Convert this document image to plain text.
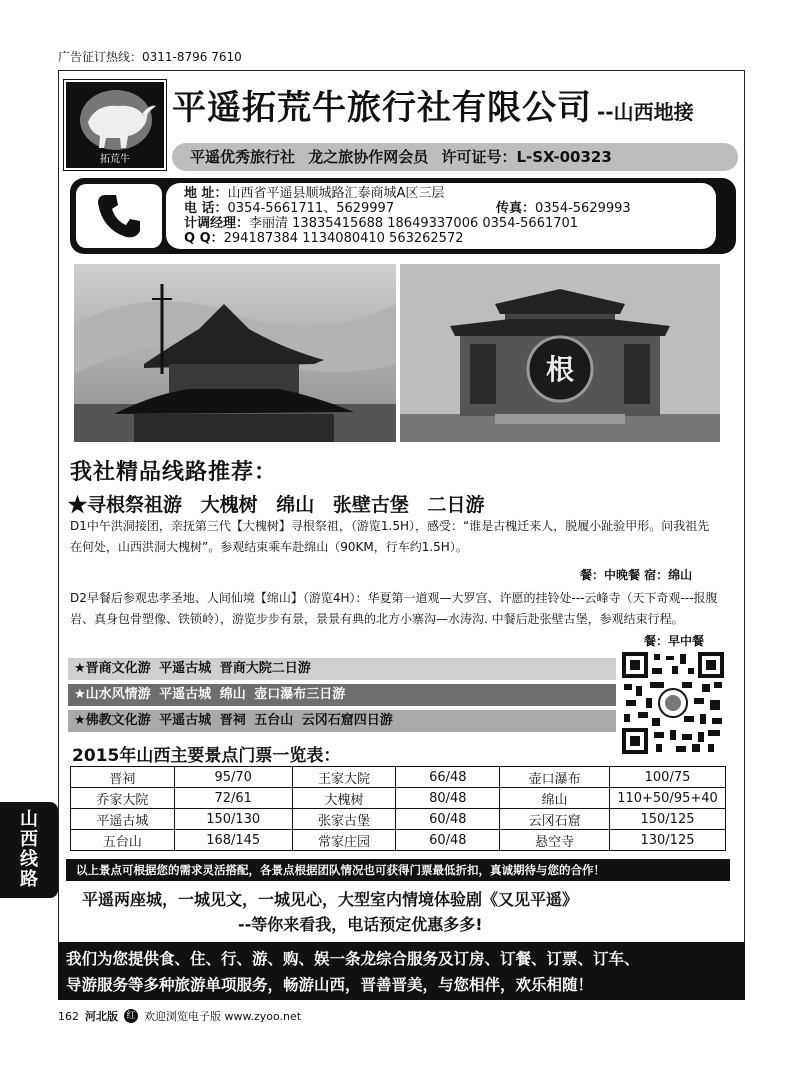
广告征订热线：0311-8796 7610
拓荒牛
平遥拓荒牛旅行社有限公司 --山西地接
平遥优秀旅行社 龙之旅协作网会员 许可证号：L-SX-00323
地 址：山西省平遥县顺城路汇泰商城A区三层
电 话：0354-5661711、5629997	传真：0354-5629993
计调经理：李丽清 13835415688 18649337006 0354-5661701
Q Q：294187384 1134080410 563262572
根
我社精品线路推荐：
★寻根祭祖游 大槐树 绵山 张壁古堡 二日游
D1中午洪洞接团，亲抚第三代【大槐树】寻根祭祖，（游览1.5H），感受：“谁是古槐迁来人，脱履小趾验甲形。问我祖先在何处，山西洪洞大槐树”。参观结束乘车赴绵山（90KM，行车约1.5H）。
餐：中晚餐 宿：绵山
D2早餐后参观忠孝圣地、人间仙境【绵山】（游览4H）：华夏第一道观—大罗宫、许愿的挂铃处---云峰寺（天下奇观---报腹岩、真身包骨塑像、铁锁岭），游览步步有景，景景有典的北方小寨沟—水涛沟. 中餐后赴张壁古堡，参观结束行程。
餐：早中餐
★晋商文化游 平遥古城 晋商大院二日游
★山水风情游 平遥古城 绵山 壶口瀑布三日游
★佛教文化游 平遥古城 晋祠 五台山 云冈石窟四日游
2015年山西主要景点门票一览表：
晋祠	95/70	王家大院	66/48	壶口瀑布	100/75
乔家大院	72/61	大槐树	80/48	绵山	110+50/95+40
平遥古城	150/130	张家古堡	60/48	云冈石窟	150/125
五台山	168/145	常家庄园	60/48	悬空寺	130/125
以上景点可根据您的需求灵活搭配，各景点根据团队情况也可获得门票最低折扣，真诚期待与您的合作！
平遥两座城，一城见文，一城见心，大型室内情境体验剧《又见平遥》
--等你来看我，电话预定优惠多多!
我们为您提供食、住、行、游、购、娱一条龙综合服务及订房、订餐、订票、订车、
导游服务等多种旅游单项服务，畅游山西，晋善晋美，与您相伴，欢乐相随！
山
西
线
路
162 河北版 红 欢迎浏览电子版 www.zyoo.net
